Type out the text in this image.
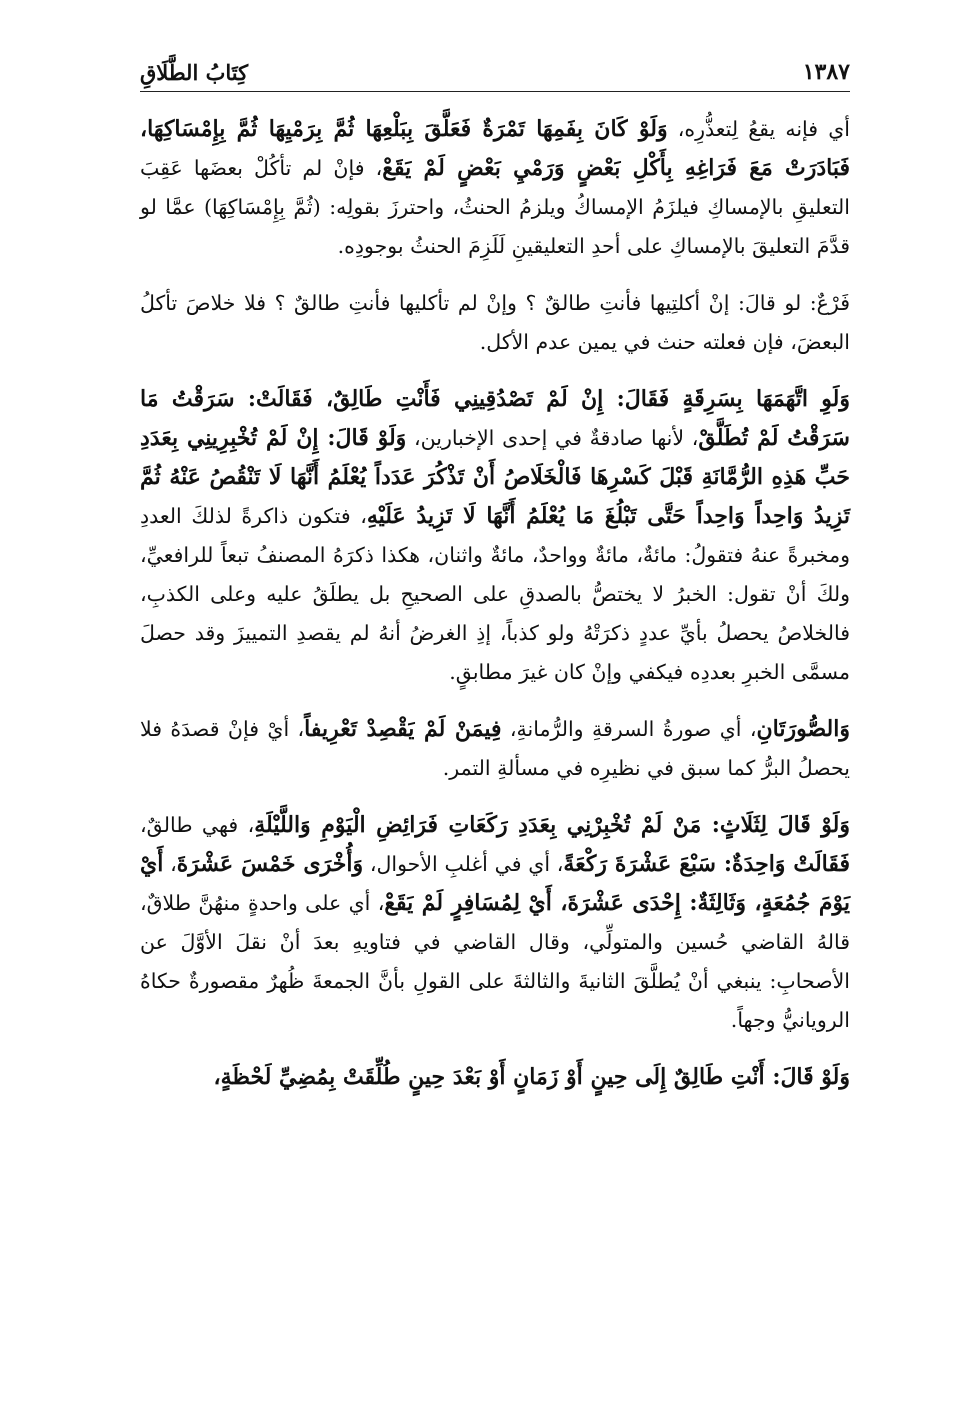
١٣٨٧
كِتَابُ الطَّلَاقِ

أي فإنه يقعُ لِتعذُّرِه، وَلَوْ كَانَ بِفَمِهَا تَمْرَةٌ فَعَلَّقَ بِبَلْعِهَا ثُمَّ بِرَمْيِهَا ثُمَّ بِإِمْسَاكِهَا، فَبَادَرَتْ مَعَ فَرَاغِهِ بِأَكْلِ بَعْضٍ وَرَمْيِ بَعْضٍ لَمْ يَقَعْ، فإنْ لم تأكُلْ بعضَها عَقِبَ التعليقِ بالإمساكِ فيلزَمُ الإمساكُ ويلزمُ الحنثُ، واحترزَ بقولِه: (ثُمَّ بِإِمْسَاكِهَا) عمَّا لو قدَّمَ التعليقَ بالإمساكِ على أحدِ التعليقينِ لَلَزِمَ الحنثُ بوجودِه.

فَرْعٌ: لو قالَ: إنْ أكلتِيها فأنتِ طالقٌ ؟ وإنْ لم تأكليها فأنتِ طالقٌ ؟ فلا خلاصَ تأكلُ البعضَ، فإن فعلته حنث في يمين عدم الأكل.

وَلَوِ اتَّهَمَهَا بِسَرِقَةٍ فَقَالَ: إِنْ لَمْ تَصْدُقِينِي فَأَنْتِ طَالِقٌ، فَقَالَتْ: سَرَقْتُ مَا سَرَقْتُ لَمْ تُطَلَّقْ، لأنها صادقةٌ في إحدى الإخبارين، وَلَوْ قَالَ: إِنْ لَمْ تُخْبِرِينِي بِعَدَدِ حَبِّ هَذِهِ الرُّمَّانَةِ قَبْلَ كَسْرِهَا فَالْخَلَاصُ أَنْ تَذْكُرَ عَدَداً يُعْلَمُ أَنَّهَا لَا تَنْقُصُ عَنْهُ ثُمَّ تَزِيدُ وَاحِداً وَاحِداً حَتَّى تَبْلُغَ مَا يُعْلَمُ أَنَّهَا لَا تَزِيدُ عَلَيْهِ، فتكون ذاكرةً لذلكَ العددِ ومخبرةً عنهُ فتقولُ: مائةٌ، مائةٌ وواحدٌ، مائةٌ واثنان، هكذا ذكرَهُ المصنفُ تبعاً للرافعيِّ، ولكَ أنْ تقول: الخبرُ لا يختصُّ بالصدقِ على الصحيحِ بل يطلَقُ عليه وعلى الكذبِ، فالخلاصُ يحصلُ بأيِّ عددٍ ذكرَتْهُ ولو كذباً، إذِ الغرضُ أنهُ لم يقصدِ التمييزَ وقد حصلَ مسمَّى الخبرِ بعددِه فيكفي وإنْ كان غيرَ مطابقٍ.

وَالصُّورَتَانِ، أي صورةُ السرقةِ والرُّمانةِ، فِيمَنْ لَمْ يَقْصِدْ تَعْرِيفاً، أيْ فإنْ قصدَهُ فلا يحصلُ البرُّ كما سبق في نظيرِه في مسألةِ التمر.

وَلَوْ قَالَ لِثَلَاثٍ: مَنْ لَمْ تُخْبِرْنِي بِعَدَدِ رَكَعَاتِ فَرَائِضِ الْيَوْمِ وَاللَّيْلَةِ، فهي طالقٌ، فَقَالَتْ وَاحِدَةٌ: سَبْعَ عَشْرَةَ رَكْعَةً، أي في أغلبِ الأحوال، وَأُخْرَى خَمْسَ عَشْرَةَ، أَيْ يَوْمَ جُمُعَةٍ، وَثَالِثَةٌ: إِحْدَى عَشْرَةَ، أَيْ لِمُسَافِرٍ لَمْ يَقَعْ، أي على واحدةٍ منهُنَّ طلاقٌ، قالهُ القاضي حُسين والمتولِّي، وقال القاضي في فتاويهِ بعدَ أنْ نقلَ الأوَّلَ عن الأصحابِ: ينبغي أنْ يُطلَّقَ الثانيةَ والثالثةَ على القولِ بأنَّ الجمعةَ ظُهرٌ مقصورةٌ حكاهُ الرويانيُّ وجهاً.

وَلَوْ قَالَ: أَنْتِ طَالِقٌ إِلَى حِينٍ أَوْ زَمَانٍ أَوْ بَعْدَ حِينٍ طُلِّقَتْ بِمُضِيِّ لَحْظَةٍ،
